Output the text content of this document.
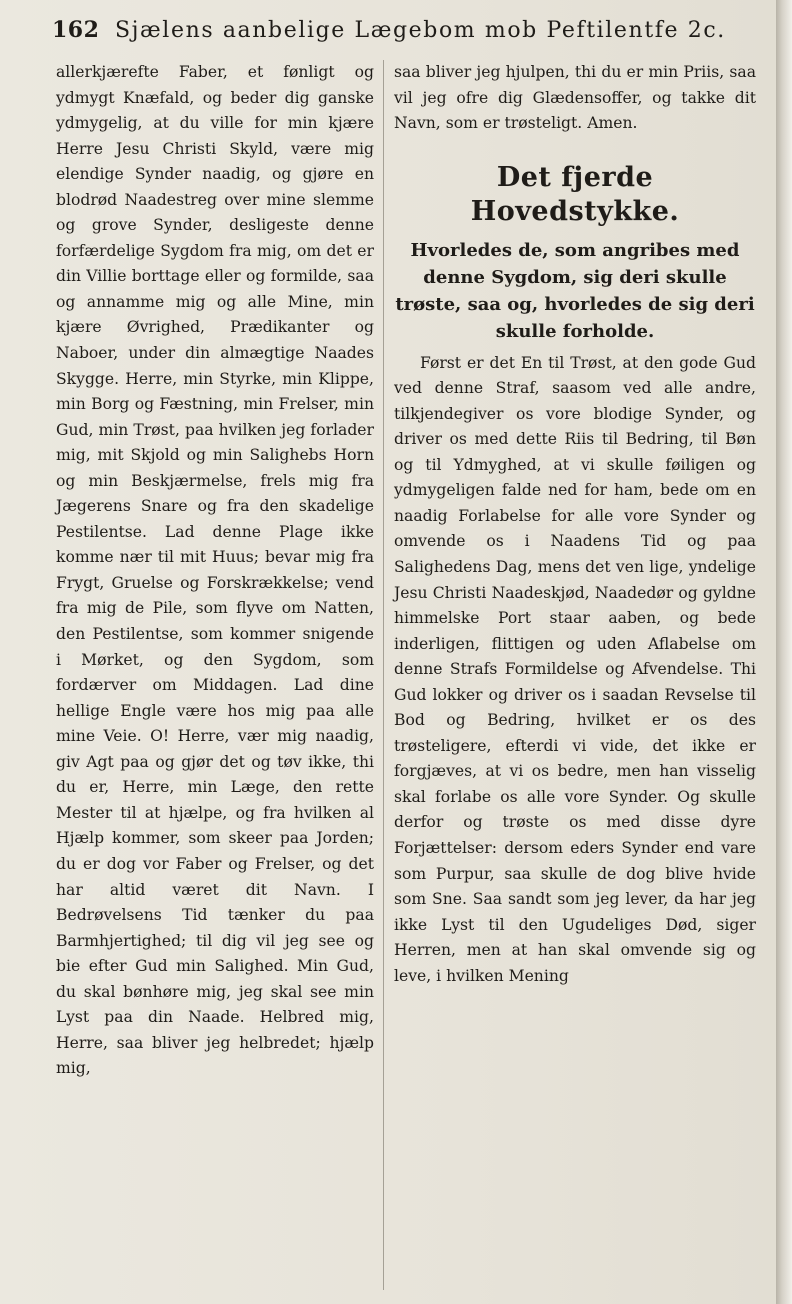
162 Sjælens aanbelige Lægebom mob Peftilentfe 2c.

allerkjærefte Faber, et fønligt og ydmygt Knæfald, og beder dig ganske ydmygelig, at du ville for min kjære Herre Jesu Christi Skyld, være mig elendige Synder naadig, og gjøre en blodrød Naadestreg over mine slemme og grove Synder, desligeste denne forfærdelige Sygdom fra mig, om det er din Villie borttage eller og formilde, saa og annamme mig og alle Mine, min kjære Øvrighed, Prædikanter og Naboer, under din almægtige Naades Skygge. Herre, min Styrke, min Klippe, min Borg og Fæstning, min Frelser, min Gud, min Trøst, paa hvilken jeg forlader mig, mit Skjold og min Salighebs Horn og min Beskjærmelse, frels mig fra Jægerens Snare og fra den skadelige Pestilentse. Lad denne Plage ikke komme nær til mit Huus; bevar mig fra Frygt, Gruelse og Forskrækkelse; vend fra mig de Pile, som flyve om Natten, den Pestilentse, som kommer snigende i Mørket, og den Sygdom, som fordærver om Middagen. Lad dine hellige Engle være hos mig paa alle mine Veie. O! Herre, vær mig naadig, giv Agt paa og gjør det og tøv ikke, thi du er, Herre, min Læge, den rette Mester til at hjælpe, og fra hvilken al Hjælp kommer, som skeer paa Jorden; du er dog vor Faber og Frelser, og det har altid været dit Navn. I Bedrøvelsens Tid tænker du paa Barmhjertighed; til dig vil jeg see og bie efter Gud min Salighed. Min Gud, du skal bønhøre mig, jeg skal see min Lyst paa din Naade. Helbred mig, Herre, saa bliver jeg helbredet; hjælp mig,

saa bliver jeg hjulpen, thi du er min Priis, saa vil jeg ofre dig Glædensoffer, og takke dit Navn, som er trøsteligt. Amen.

Det fjerde Hovedstykke.
Hvorledes de, som angribes med denne Sygdom, sig deri skulle trøste, saa og, hvorledes de sig deri skulle forholde.

Først er det En til Trøst, at den gode Gud ved denne Straf, saasom ved alle andre, tilkjendegiver os vore blodige Synder, og driver os med dette Riis til Bedring, til Bøn og til Ydmyghed, at vi skulle føiligen og ydmygeligen falde ned for ham, bede om en naadig Forlabelse for alle vore Synder og omvende os i Naadens Tid og paa Salighedens Dag, mens det ven lige, yndelige Jesu Christi Naadeskjød, Naadedør og gyldne himmelske Port staar aaben, og bede inderligen, flittigen og uden Aflabelse om denne Strafs Formildelse og Afvendelse. Thi Gud lokker og driver os i saadan Revselse til Bod og Bedring, hvilket er os des trøsteligere, efterdi vi vide, det ikke er forgjæves, at vi os bedre, men han visselig skal forlabe os alle vore Synder. Og skulle derfor og trøste os med disse dyre Forjættelser: dersom eders Synder end vare som Purpur, saa skulle de dog blive hvide som Sne. Saa sandt som jeg lever, da har jeg ikke Lyst til den Ugudeliges Død, siger Herren, men at han skal omvende sig og leve, i hvilken Mening
